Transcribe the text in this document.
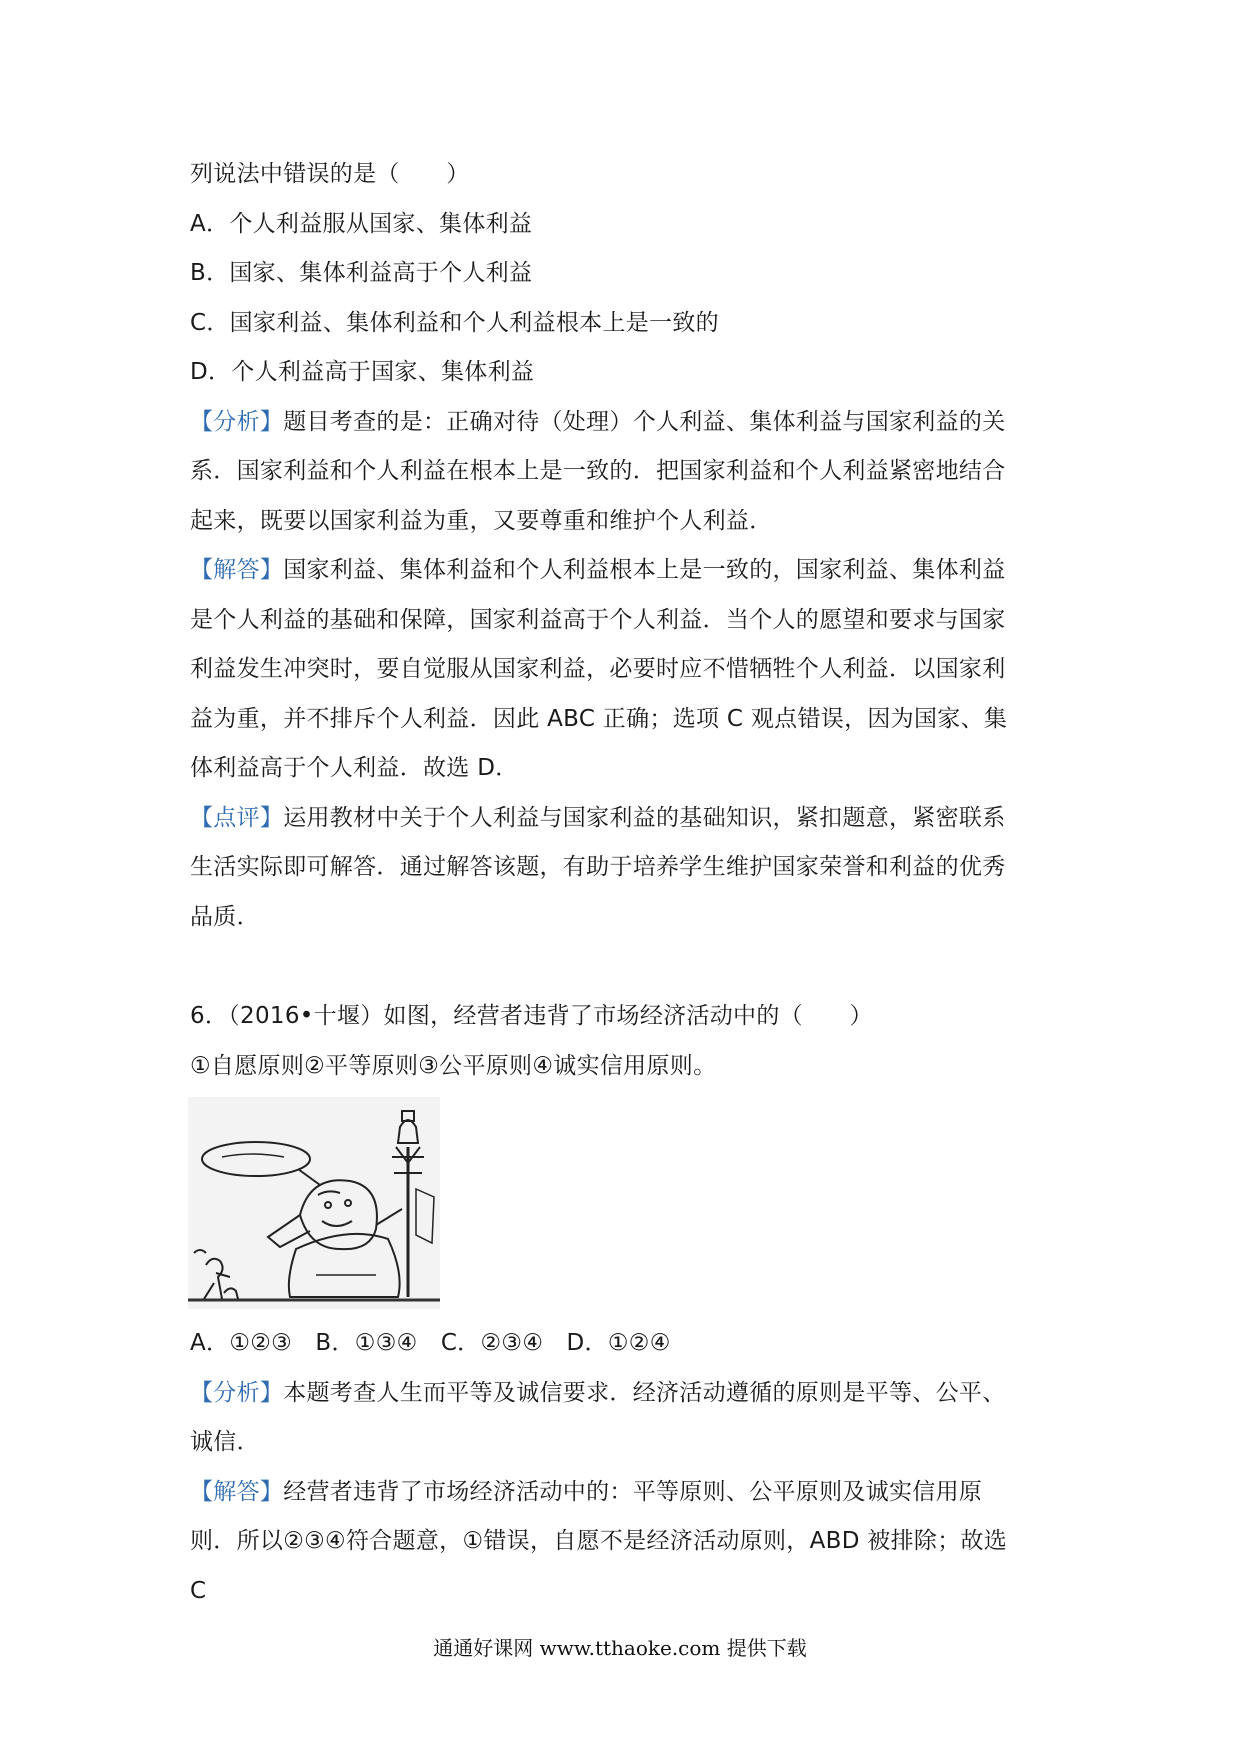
列说法中错误的是（　　）
A．个人利益服从国家、集体利益
B．国家、集体利益高于个人利益
C．国家利益、集体利益和个人利益根本上是一致的
D．个人利益高于国家、集体利益
【分析】题目考查的是：正确对待（处理）个人利益、集体利益与国家利益的关
系．国家利益和个人利益在根本上是一致的．把国家利益和个人利益紧密地结合
起来，既要以国家利益为重，又要尊重和维护个人利益．
【解答】国家利益、集体利益和个人利益根本上是一致的，国家利益、集体利益
是个人利益的基础和保障，国家利益高于个人利益．当个人的愿望和要求与国家
利益发生冲突时，要自觉服从国家利益，必要时应不惜牺牲个人利益．以国家利
益为重，并不排斥个人利益．因此 ABC 正确；选项 C 观点错误，因为国家、集
体利益高于个人利益．故选 D．
【点评】运用教材中关于个人利益与国家利益的基础知识，紧扣题意，紧密联系
生活实际即可解答．通过解答该题，有助于培养学生维护国家荣誉和利益的优秀
品质．
6．（2016•十堰）如图，经营者违背了市场经济活动中的（　　）
①自愿原则②平等原则③公平原则④诚实信用原则。
A．①②③　B．①③④　C．②③④　D．①②④
【分析】本题考查人生而平等及诚信要求．经济活动遵循的原则是平等、公平、
诚信．
【解答】经营者违背了市场经济活动中的：平等原则、公平原则及诚实信用原
则．所以②③④符合题意，①错误，自愿不是经济活动原则，ABD 被排除；故选
C
通通好课网 www.tthaoke.com 提供下载
